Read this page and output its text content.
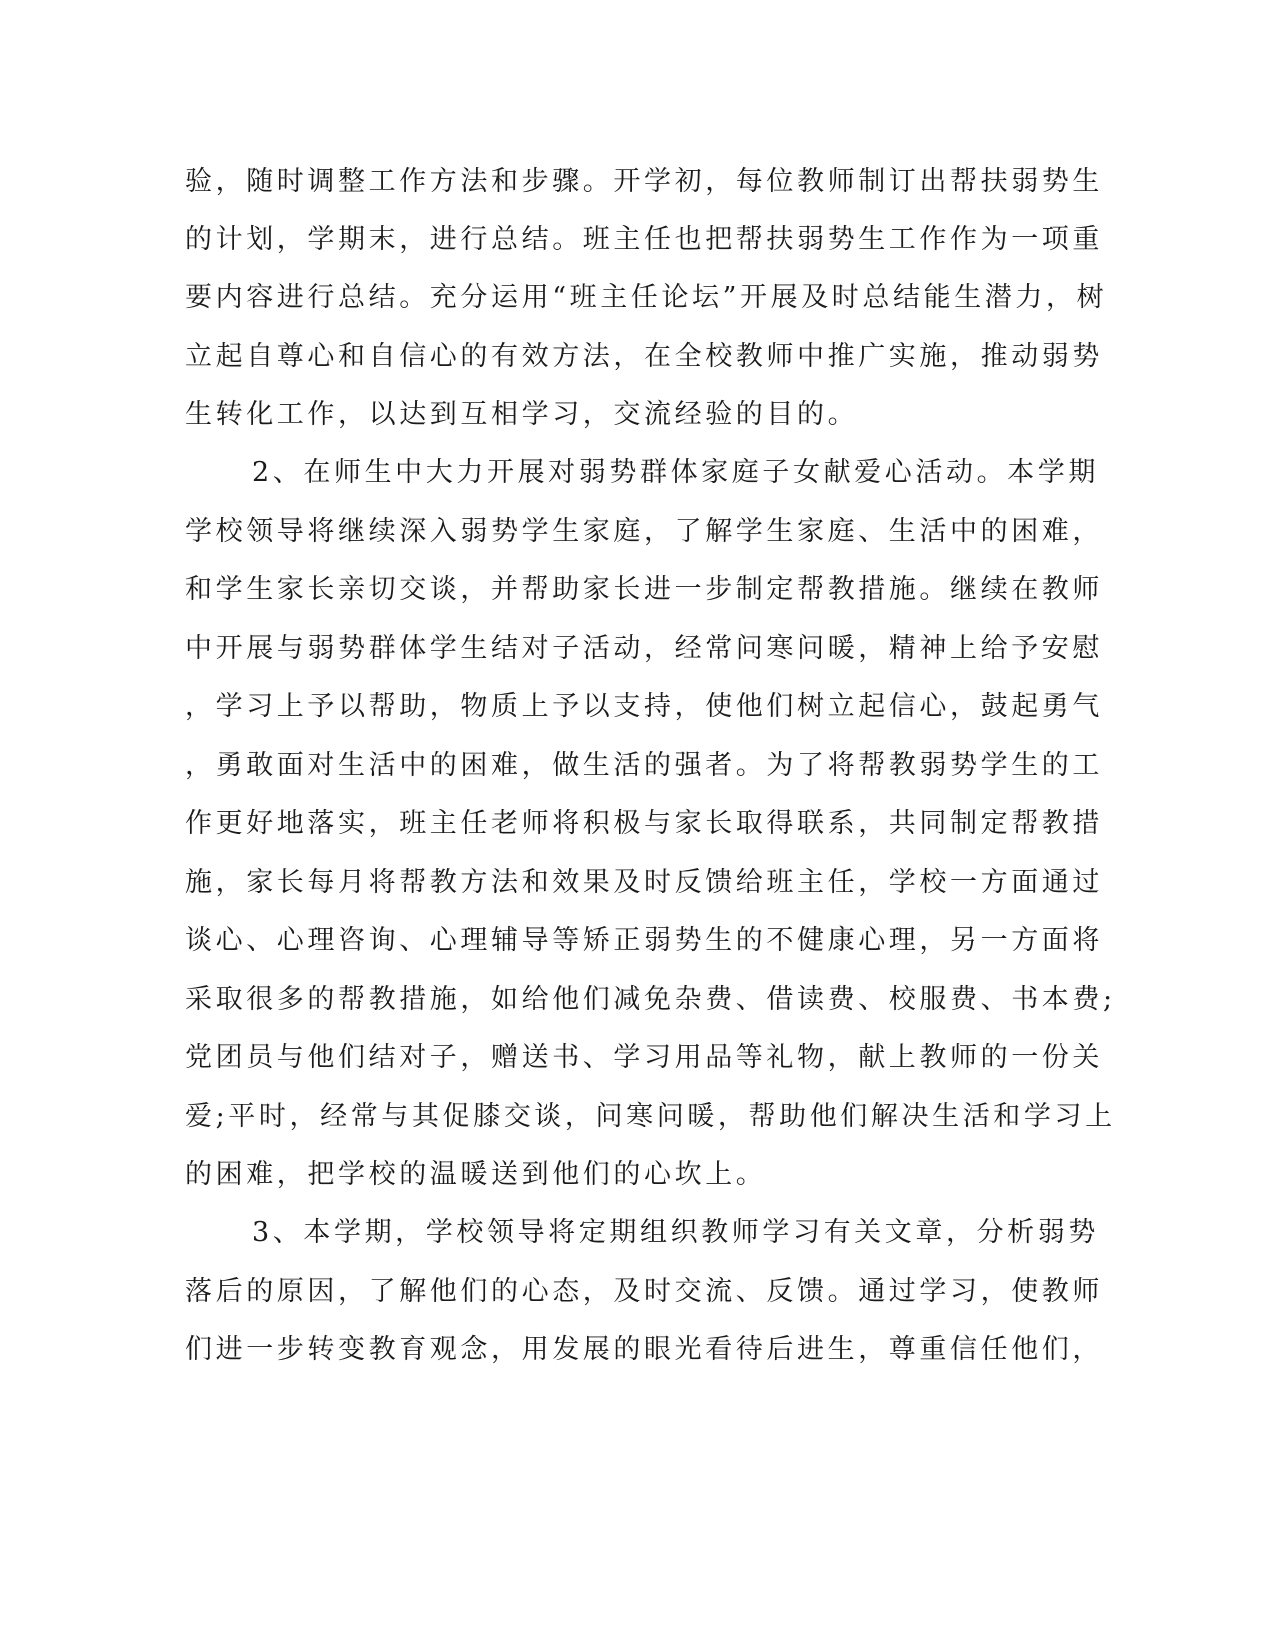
验，随时调整工作方法和步骤。开学初，每位教师制订出帮扶弱势生
的计划，学期末，进行总结。班主任也把帮扶弱势生工作作为一项重
要内容进行总结。充分运用“班主任论坛”开展及时总结能生潜力，树
立起自尊心和自信心的有效方法，在全校教师中推广实施，推动弱势
生转化工作，以达到互相学习，交流经验的目的。
2、在师生中大力开展对弱势群体家庭子女献爱心活动。本学期
学校领导将继续深入弱势学生家庭，了解学生家庭、生活中的困难，
和学生家长亲切交谈，并帮助家长进一步制定帮教措施。继续在教师
中开展与弱势群体学生结对子活动，经常问寒问暖，精神上给予安慰
，学习上予以帮助，物质上予以支持，使他们树立起信心，鼓起勇气
，勇敢面对生活中的困难，做生活的强者。为了将帮教弱势学生的工
作更好地落实，班主任老师将积极与家长取得联系，共同制定帮教措
施，家长每月将帮教方法和效果及时反馈给班主任，学校一方面通过
谈心、心理咨询、心理辅导等矫正弱势生的不健康心理，另一方面将
采取很多的帮教措施，如给他们减免杂费、借读费、校服费、书本费;
党团员与他们结对子，赠送书、学习用品等礼物，献上教师的一份关
爱;平时，经常与其促膝交谈，问寒问暖，帮助他们解决生活和学习上
的困难，把学校的温暖送到他们的心坎上。
3、本学期，学校领导将定期组织教师学习有关文章，分析弱势
落后的原因，了解他们的心态，及时交流、反馈。通过学习，使教师
们进一步转变教育观念，用发展的眼光看待后进生，尊重信任他们，
